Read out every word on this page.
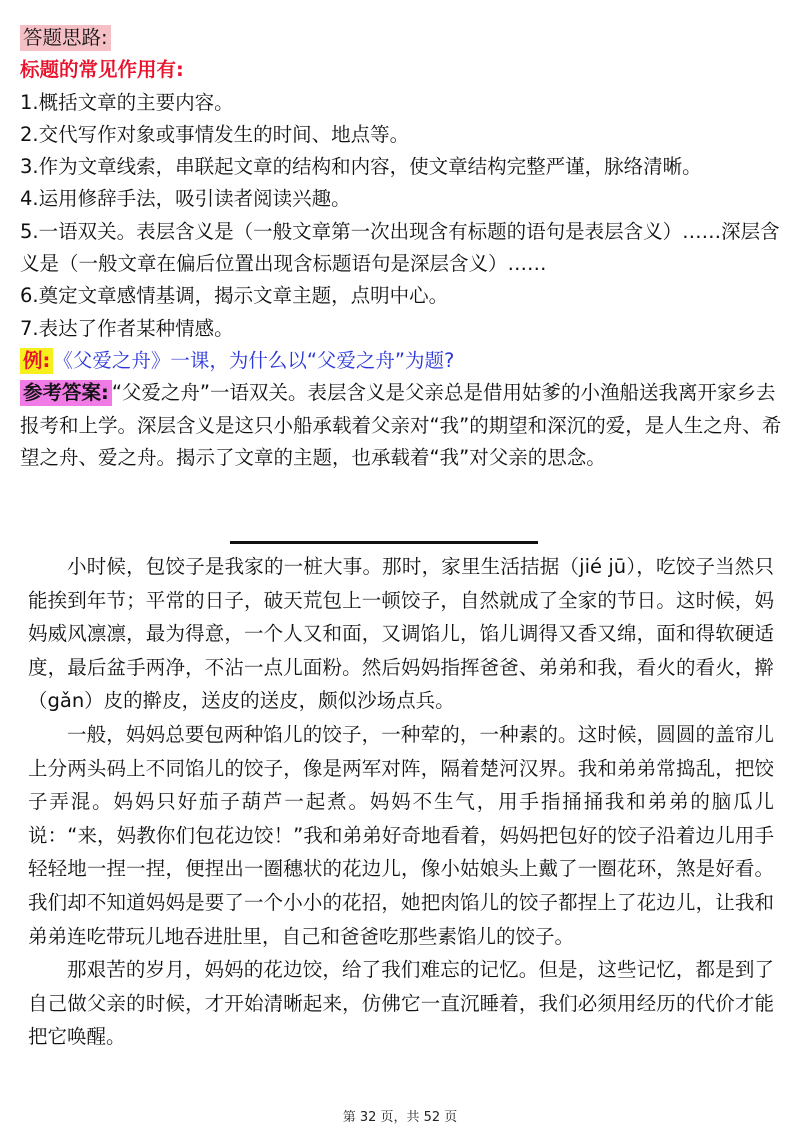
答题思路:

标题的常见作用有:

1.概括文章的主要内容。

2.交代写作对象或事情发生的时间、地点等。

3.作为文章线索，串联起文章的结构和内容，使文章结构完整严谨，脉络清晰。

4.运用修辞手法，吸引读者阅读兴趣。

5.一语双关。表层含义是（一般文章第一次出现含有标题的语句是表层含义）……深层含义是（一般文章在偏后位置出现含标题语句是深层含义）……

6.奠定文章感情基调，揭示文章主题，点明中心。

7.表达了作者某种情感。

例: 《父爱之舟》一课，为什么以“父爱之舟”为题?

参考答案: “父爱之舟”一语双关。表层含义是父亲总是借用姑爹的小渔船送我离开家乡去报考和上学。深层含义是这只小船承载着父亲对“我”的期望和深沉的爱，是人生之舟、希望之舟、爱之舟。揭示了文章的主题，也承载着“我”对父亲的思念。

小时候，包饺子是我家的一桩大事。那时，家里生活拮据（jié jū），吃饺子当然只能挨到年节；平常的日子，破天荒包上一顿饺子，自然就成了全家的节日。这时候，妈妈威风凛凛，最为得意，一个人又和面，又调馅儿，馅儿调得又香又绵，面和得软硬适度，最后盆手两净，不沾一点儿面粉。然后妈妈指挥爸爸、弟弟和我，看火的看火，擀（gǎn）皮的擀皮，送皮的送皮，颇似沙场点兵。

一般，妈妈总要包两种馅儿的饺子，一种荤的，一种素的。这时候，圆圆的盖帘儿上分两头码上不同馅儿的饺子，像是两军对阵，隔着楚河汉界。我和弟弟常捣乱，把饺子弄混。妈妈只好茄子葫芦一起煮。妈妈不生气，用手指捅捅我和弟弟的脑瓜儿说：“来，妈教你们包花边饺！”我和弟弟好奇地看着，妈妈把包好的饺子沿着边儿用手轻轻地一捏一捏，便捏出一圈穗状的花边儿，像小姑娘头上戴了一圈花环，煞是好看。我们却不知道妈妈是要了一个小小的花招，她把肉馅儿的饺子都捏上了花边儿，让我和弟弟连吃带玩儿地吞进肚里，自己和爸爸吃那些素馅儿的饺子。

那艰苦的岁月，妈妈的花边饺，给了我们难忘的记忆。但是，这些记忆，都是到了自己做父亲的时候，才开始清晰起来，仿佛它一直沉睡着，我们必须用经历的代价才能把它唤醒。

第 32 页，共 52 页
